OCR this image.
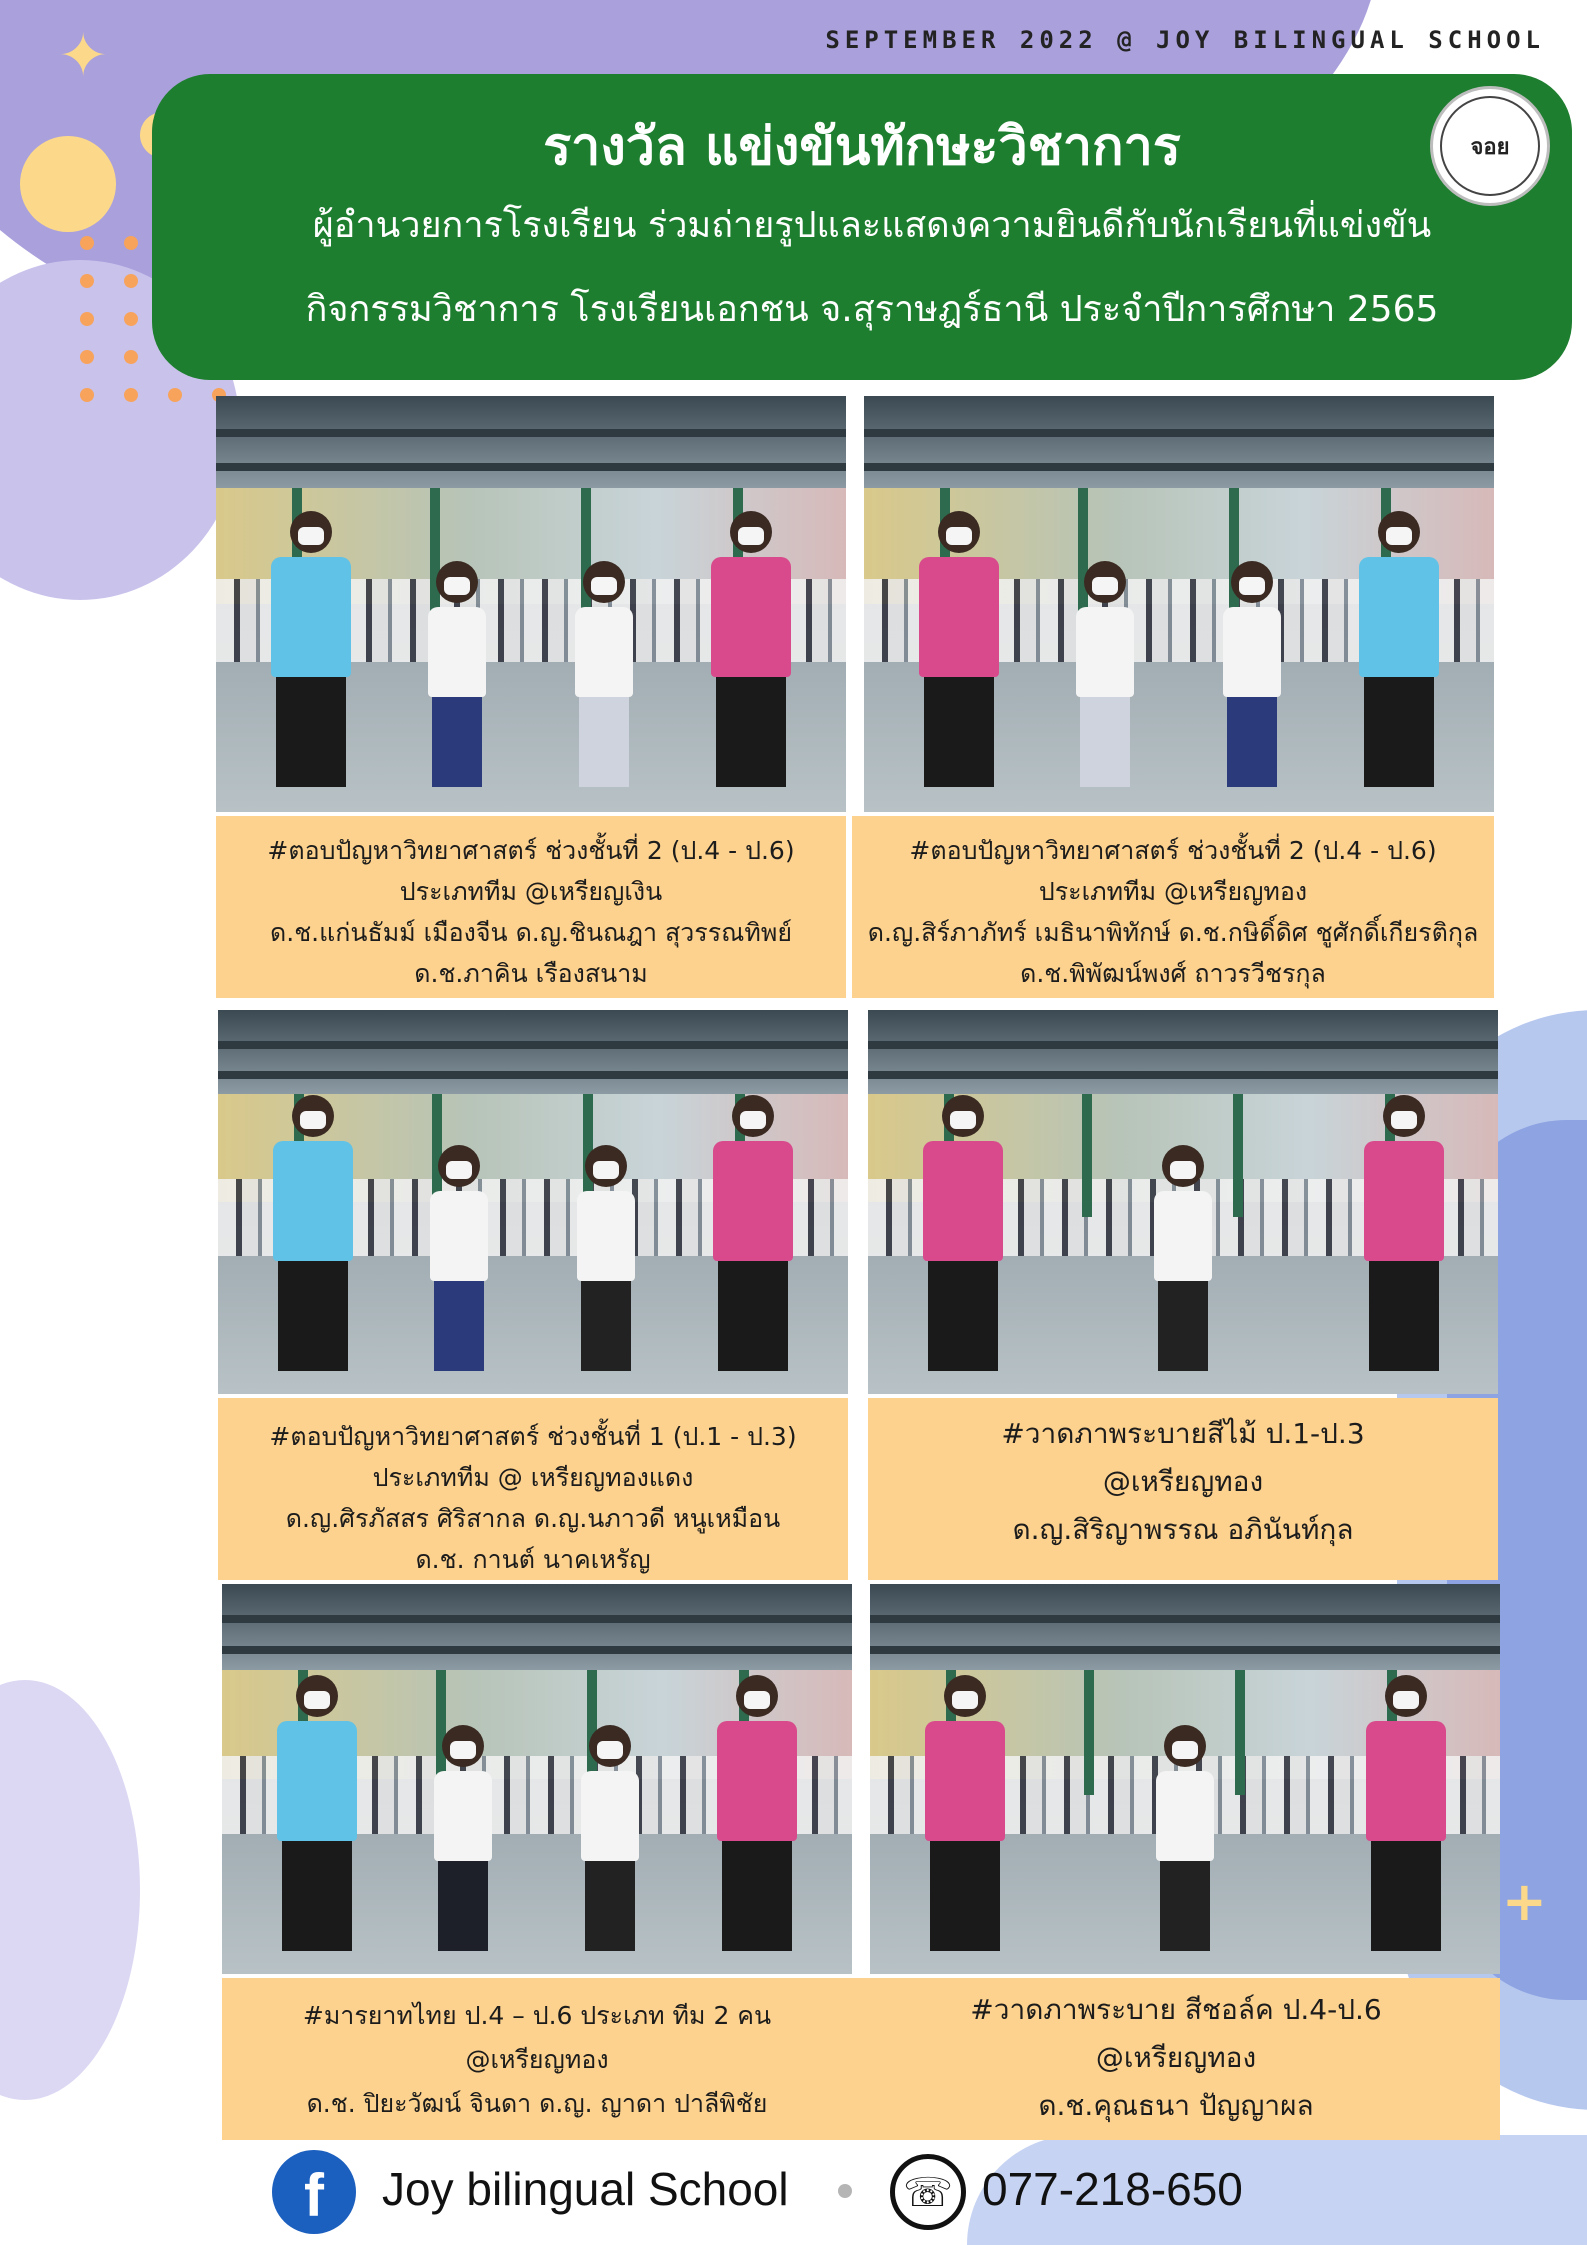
✦
+
SEPTEMBER 2022 @ JOY BILINGUAL SCHOOL
รางวัล แข่งขันทักษะวิชาการ
ผู้อำนวยการโรงเรียน ร่วมถ่ายรูปและแสดงความยินดีกับนักเรียนที่แข่งขัน
กิจกรรมวิชาการ โรงเรียนเอกชน จ.สุราษฎร์ธานี ประจำปีการศึกษา 2565
จอย
#ตอบปัญหาวิทยาศาสตร์ ช่วงชั้นที่ 2 (ป.4 - ป.6)
ประเภททีม @เหรียญเงิน
ด.ช.แก่นธัมม์ เมืองจีน ด.ญ.ชินณฎา สุวรรณทิพย์
ด.ช.ภาคิน เรืองสนาม
#ตอบปัญหาวิทยาศาสตร์ ช่วงชั้นที่ 2 (ป.4 - ป.6)
ประเภททีม @เหรียญทอง
ด.ญ.สิร์ภาภัทร์ เมธินาพิทักษ์ ด.ช.กษิดิ์ดิศ ชูศักดิ์เกียรติกุล
ด.ช.พิพัฒน์พงศ์ ถาวรวีชรกุล
#ตอบปัญหาวิทยาศาสตร์ ช่วงชั้นที่ 1 (ป.1 - ป.3)
ประเภททีม @ เหรียญทองแดง
ด.ญ.ศิรภัสสร ศิริสากล ด.ญ.นภาวดี หนูเหมือน
ด.ช. กานต์ นาคเหรัญ
#วาดภาพระบายสีไม้ ป.1-ป.3
@เหรียญทอง
ด.ญ.สิริญาพรรณ อภินันท์กุล
#มารยาทไทย ป.4 – ป.6 ประเภท ทีม 2 คน
@เหรียญทอง
ด.ช. ปิยะวัฒน์ จินดา ด.ญ. ญาดา ปาลีพิชัย
#วาดภาพระบาย สีชอล์ค ป.4-ป.6
@เหรียญทอง
ด.ช.คุณธนา ปัญญาผล
f	Joy bilingual School	☏ 077-218-650
